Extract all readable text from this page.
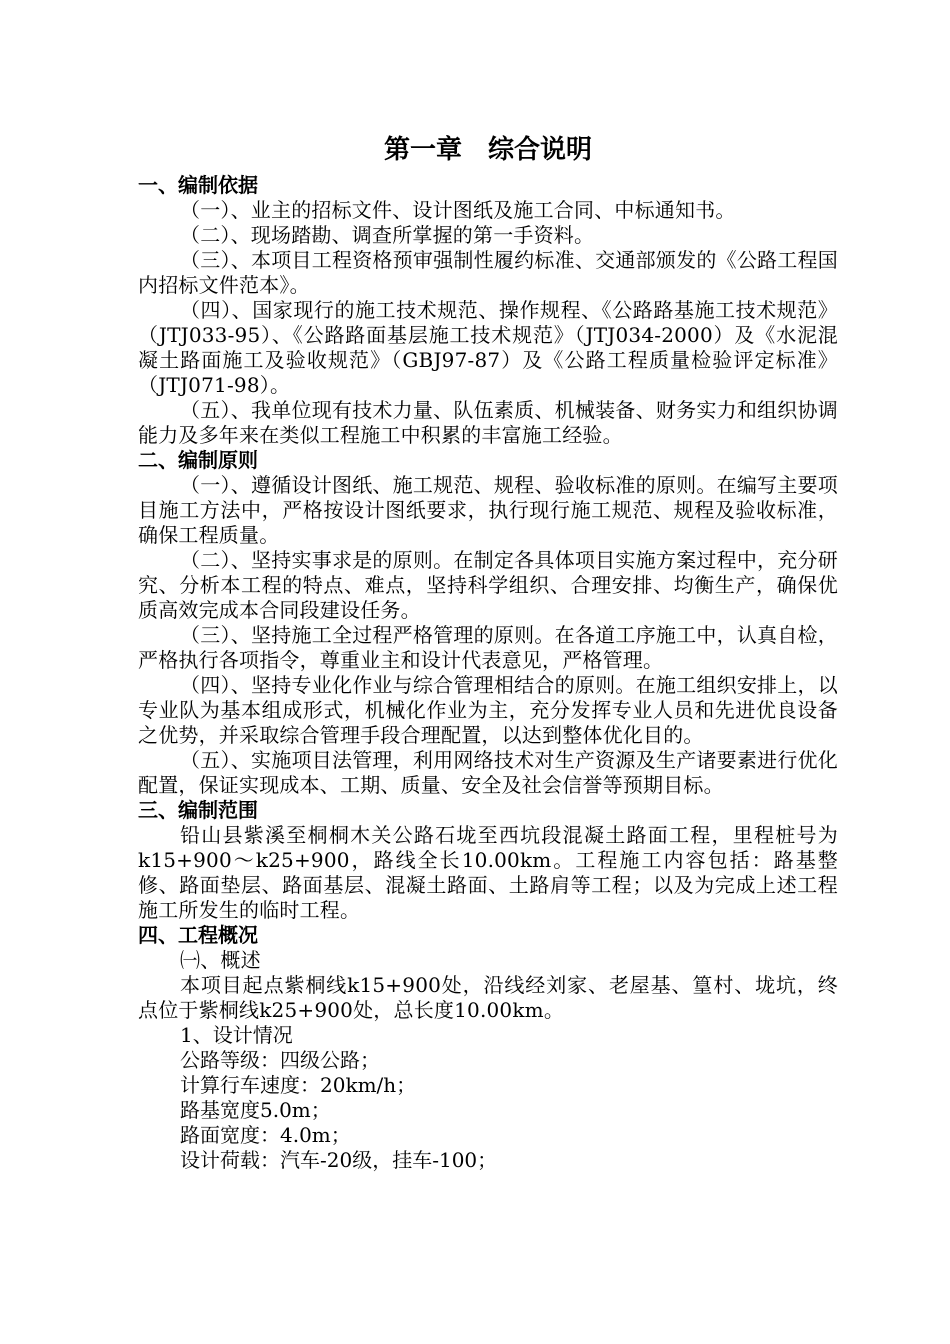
第一章　综合说明
一、编制依据

（一）、业主的招标文件、设计图纸及施工合同、中标通知书。

（二）、现场踏勘、调查所掌握的第一手资料。

（三）、本项目工程资格预审强制性履约标准、交通部颁发的《公路工程国内招标文件范本》。

（四）、国家现行的施工技术规范、操作规程、《公路路基施工技术规范》（JTJ033-95）、《公路路面基层施工技术规范》（JTJ034-2000）及《水泥混凝土路面施工及验收规范》（GBJ97-87）及《公路工程质量检验评定标准》（JTJ071-98）。

（五）、我单位现有技术力量、队伍素质、机械装备、财务实力和组织协调能力及多年来在类似工程施工中积累的丰富施工经验。

二、编制原则

（一）、遵循设计图纸、施工规范、规程、验收标准的原则。在编写主要项目施工方法中，严格按设计图纸要求，执行现行施工规范、规程及验收标准，确保工程质量。

（二）、坚持实事求是的原则。在制定各具体项目实施方案过程中，充分研究、分析本工程的特点、难点，坚持科学组织、合理安排、均衡生产，确保优质高效完成本合同段建设任务。

（三）、坚持施工全过程严格管理的原则。在各道工序施工中，认真自检，严格执行各项指令，尊重业主和设计代表意见，严格管理。

（四）、坚持专业化作业与综合管理相结合的原则。在施工组织安排上，以专业队为基本组成形式，机械化作业为主，充分发挥专业人员和先进优良设备之优势，并采取综合管理手段合理配置，以达到整体优化目的。

（五）、实施项目法管理，利用网络技术对生产资源及生产诸要素进行优化配置，保证实现成本、工期、质量、安全及社会信誉等预期目标。

三、编制范围

铅山县紫溪至桐桐木关公路石垅至西坑段混凝土路面工程，里程桩号为k15+900～k25+900，路线全长10.00km。工程施工内容包括：路基整修、路面垫层、路面基层、混凝土路面、土路肩等工程；以及为完成上述工程施工所发生的临时工程。

四、工程概况

㈠、概述

本项目起点紫桐线k15+900处，沿线经刘家、老屋基、篁村、垅坑，终点位于紫桐线k25+900处，总长度10.00km。

1、设计情况

公路等级：四级公路；

计算行车速度：20km/h；

路基宽度5.0m；

路面宽度：4.0m；

设计荷载：汽车-20级，挂车-100；
